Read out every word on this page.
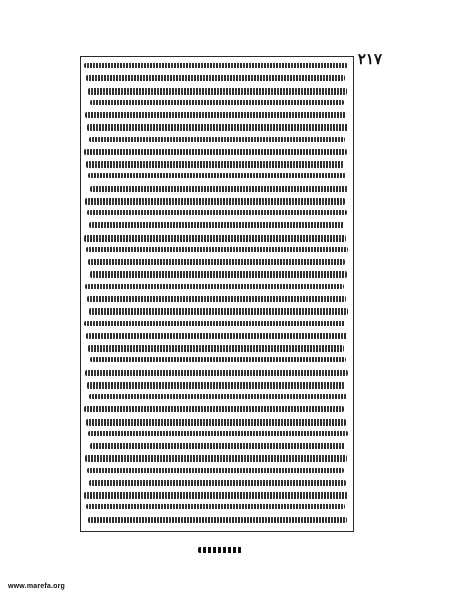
٢١٧
www.marefa.org
